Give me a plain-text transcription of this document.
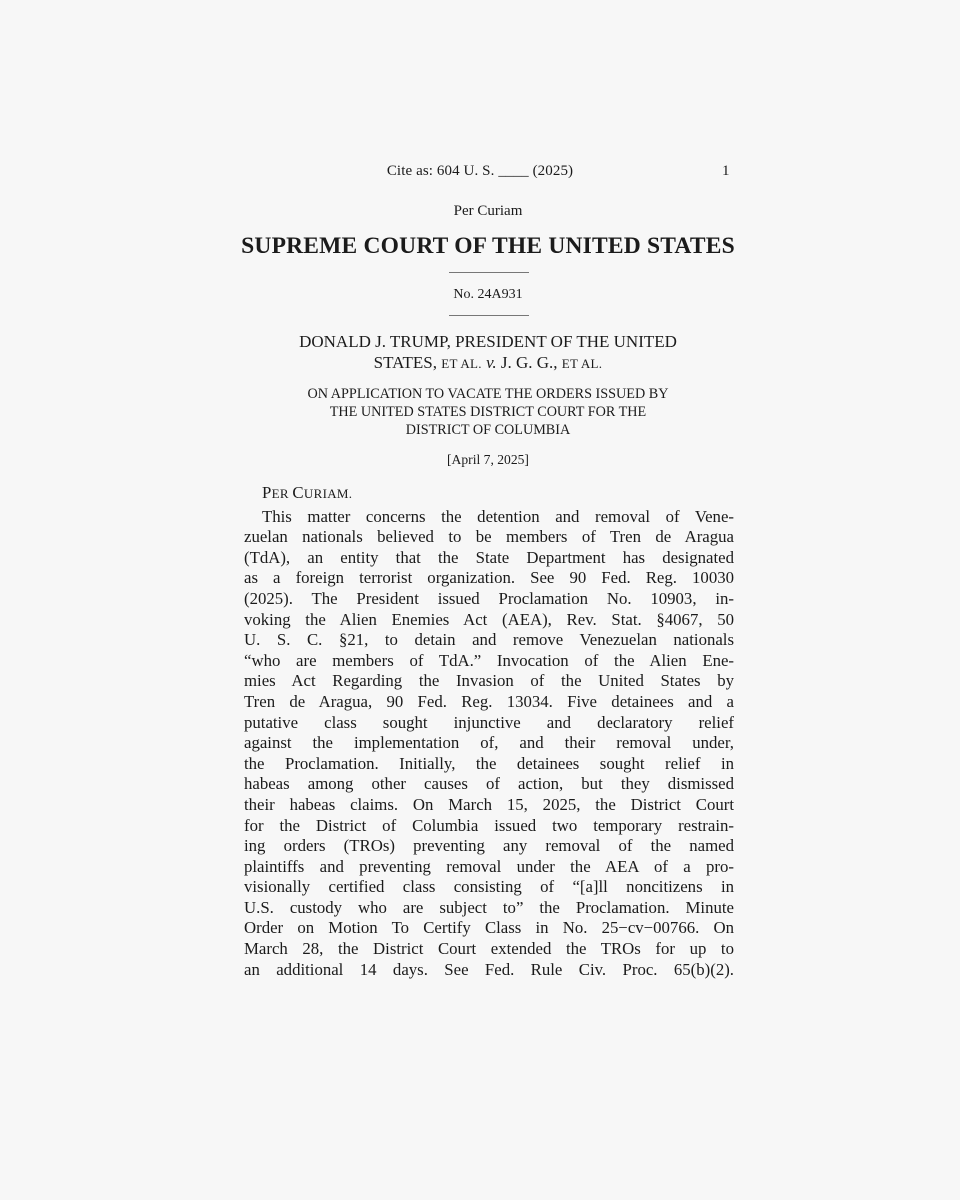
Cite as: 604 U. S. ____ (2025)	1
Per Curiam
SUPREME COURT OF THE UNITED STATES
No. 24A931
DONALD J. TRUMP, PRESIDENT OF THE UNITED
STATES, ET AL. v. J. G. G., ET AL.
ON APPLICATION TO VACATE THE ORDERS ISSUED BY
THE UNITED STATES DISTRICT COURT FOR THE
DISTRICT OF COLUMBIA
[April 7, 2025]
PER CURIAM.
This matter concerns the detention and removal of Vene-
zuelan nationals believed to be members of Tren de Aragua
(TdA), an entity that the State Department has designated
as a foreign terrorist organization. See 90 Fed. Reg. 10030
(2025). The President issued Proclamation No. 10903, in-
voking the Alien Enemies Act (AEA), Rev. Stat. §4067, 50
U. S. C. §21, to detain and remove Venezuelan nationals
“who are members of TdA.” Invocation of the Alien Ene-
mies Act Regarding the Invasion of the United States by
Tren de Aragua, 90 Fed. Reg. 13034. Five detainees and a
putative class sought injunctive and declaratory relief
against the implementation of, and their removal under,
the Proclamation. Initially, the detainees sought relief in
habeas among other causes of action, but they dismissed
their habeas claims. On March 15, 2025, the District Court
for the District of Columbia issued two temporary restrain-
ing orders (TROs) preventing any removal of the named
plaintiffs and preventing removal under the AEA of a pro-
visionally certified class consisting of “[a]ll noncitizens in
U.S. custody who are subject to” the Proclamation. Minute
Order on Motion To Certify Class in No. 25−cv−00766. On
March 28, the District Court extended the TROs for up to
an additional 14 days. See Fed. Rule Civ. Proc. 65(b)(2).
